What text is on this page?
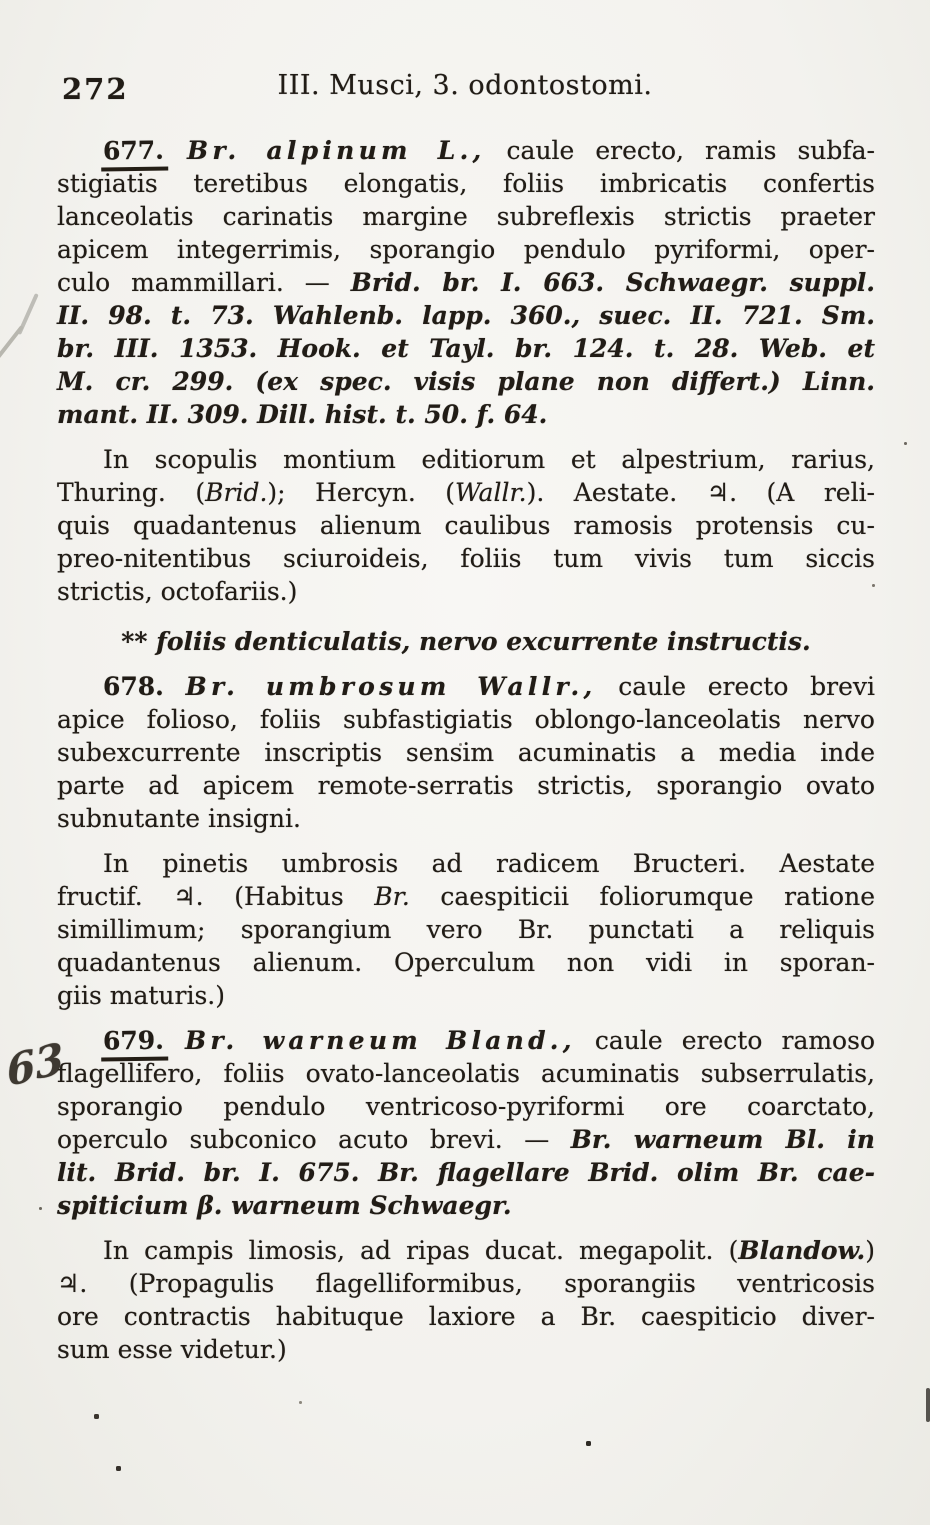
272	III. Musci, 3. odontostomi.
677. Br. alpinum L., caule erecto, ramis subfa-
stigiatis teretibus elongatis, foliis imbricatis confertis
lanceolatis carinatis margine subreflexis strictis praeter
apicem integerrimis, sporangio pendulo pyriformi, oper-
culo mammillari. — Brid. br. I. 663. Schwaegr. suppl.
II. 98. t. 73. Wahlenb. lapp. 360., suec. II. 721. Sm.
br. III. 1353. Hook. et Tayl. br. 124. t. 28. Web. et
M. cr. 299. (ex spec. visis plane non differt.) Linn.
mant. II. 309. Dill. hist. t. 50. f. 64.
In scopulis montium editiorum et alpestrium, rarius,
Thuring. (Brid.); Hercyn. (Wallr.). Aestate. ♃. (A reli-
quis quadantenus alienum caulibus ramosis protensis cu-
preo-nitentibus sciuroideis, foliis tum vivis tum siccis
strictis, octofariis.)
** foliis denticulatis, nervo excurrente instructis.
678. Br. umbrosum Wallr., caule erecto brevi
apice folioso, foliis subfastigiatis oblongo-lanceolatis nervo
subexcurrente inscriptis sensim acuminatis a media inde
parte ad apicem remote-serratis strictis, sporangio ovato
subnutante insigni.
In pinetis umbrosis ad radicem Bructeri. Aestate
fructif. ♃. (Habitus Br. caespiticii foliorumque ratione
simillimum; sporangium vero Br. punctati a reliquis
quadantenus alienum. Operculum non vidi in sporan-
giis maturis.)
679. Br. warneum Bland., caule erecto ramoso
flagellifero, foliis ovato-lanceolatis acuminatis subserrulatis,
sporangio pendulo ventricoso-pyriformi ore coarctato,
operculo subconico acuto brevi. — Br. warneum Bl. in
lit. Brid. br. I. 675. Br. flagellare Brid. olim Br. cae-
spiticium β. warneum Schwaegr.
In campis limosis, ad ripas ducat. megapolit. (Blandow.)
♃. (Propagulis flagelliformibus, sporangiis ventricosis
ore contractis habituque laxiore a Br. caespiticio diver-
sum esse videtur.)
63
